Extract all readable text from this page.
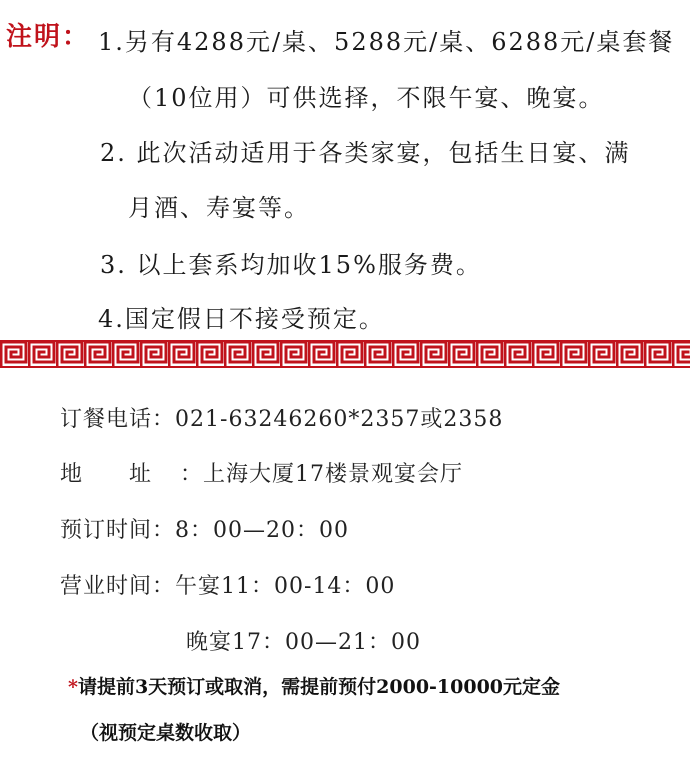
注明： 1.另有4288元/桌、5288元/桌、6288元/桌套餐
（10位用）可供选择，不限午宴、晚宴。
2. 此次活动适用于各类家宴，包括生日宴、满
月酒、寿宴等。
3. 以上套系均加收15%服务费。
4.国定假日不接受预定。
订餐电话：021-63246260*2357或2358
地　　址 ：上海大厦17楼景观宴会厅
预订时间：8：00—20：00
营业时间：午宴11：00-14：00
晚宴17：00—21：00
*请提前3天预订或取消，需提前预付2000-10000元定金
（视预定桌数收取）
